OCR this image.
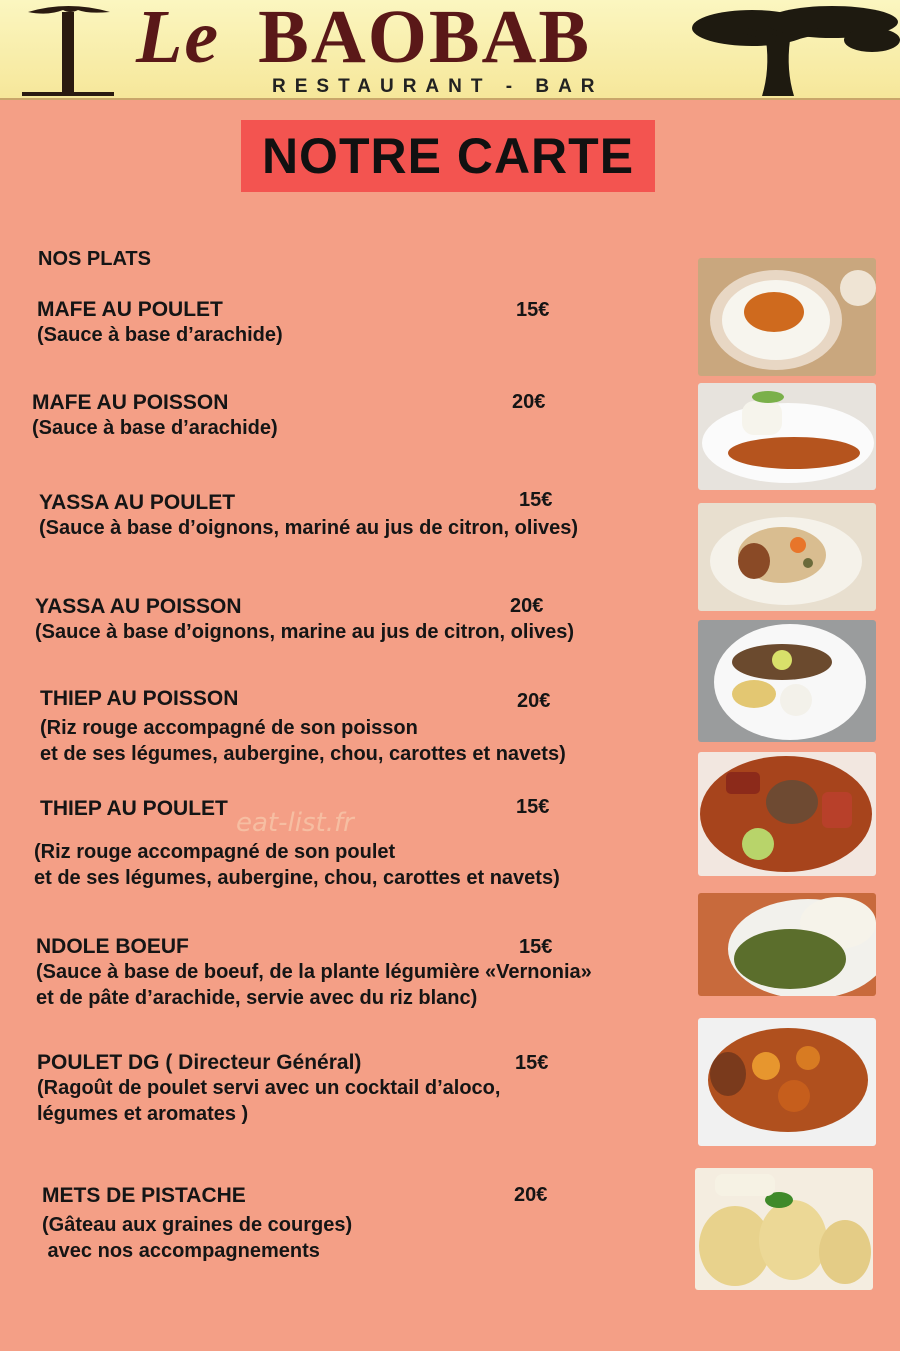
Le BAOBAB
RESTAURANT - BAR
NOTRE CARTE
NOS PLATS
MAFE AU POULET
(Sauce à base d’arachide)
15€
MAFE AU POISSON
(Sauce à base d’arachide)
20€
YASSA AU POULET
(Sauce à base d’oignons, mariné au jus de citron, olives)
15€
YASSA AU POISSON
(Sauce à base d’oignons, marine au jus de citron, olives)
20€
THIEP AU POISSON
(Riz rouge accompagné de son poisson
et de ses légumes, aubergine, chou, carottes et navets)
20€
THIEP AU POULET
(Riz rouge accompagné de son poulet
et de ses légumes, aubergine, chou, carottes et navets)
15€
NDOLE BOEUF
(Sauce à base de boeuf, de la plante légumière «Vernonia»
et de pâte d’arachide, servie avec du riz blanc)
15€
POULET DG ( Directeur Général)
(Ragoût de poulet servi avec un cocktail d’aloco,
légumes et aromates )
15€
METS DE PISTACHE
(Gâteau aux graines de courges)
avec nos accompagnements
20€
eat-list.fr
